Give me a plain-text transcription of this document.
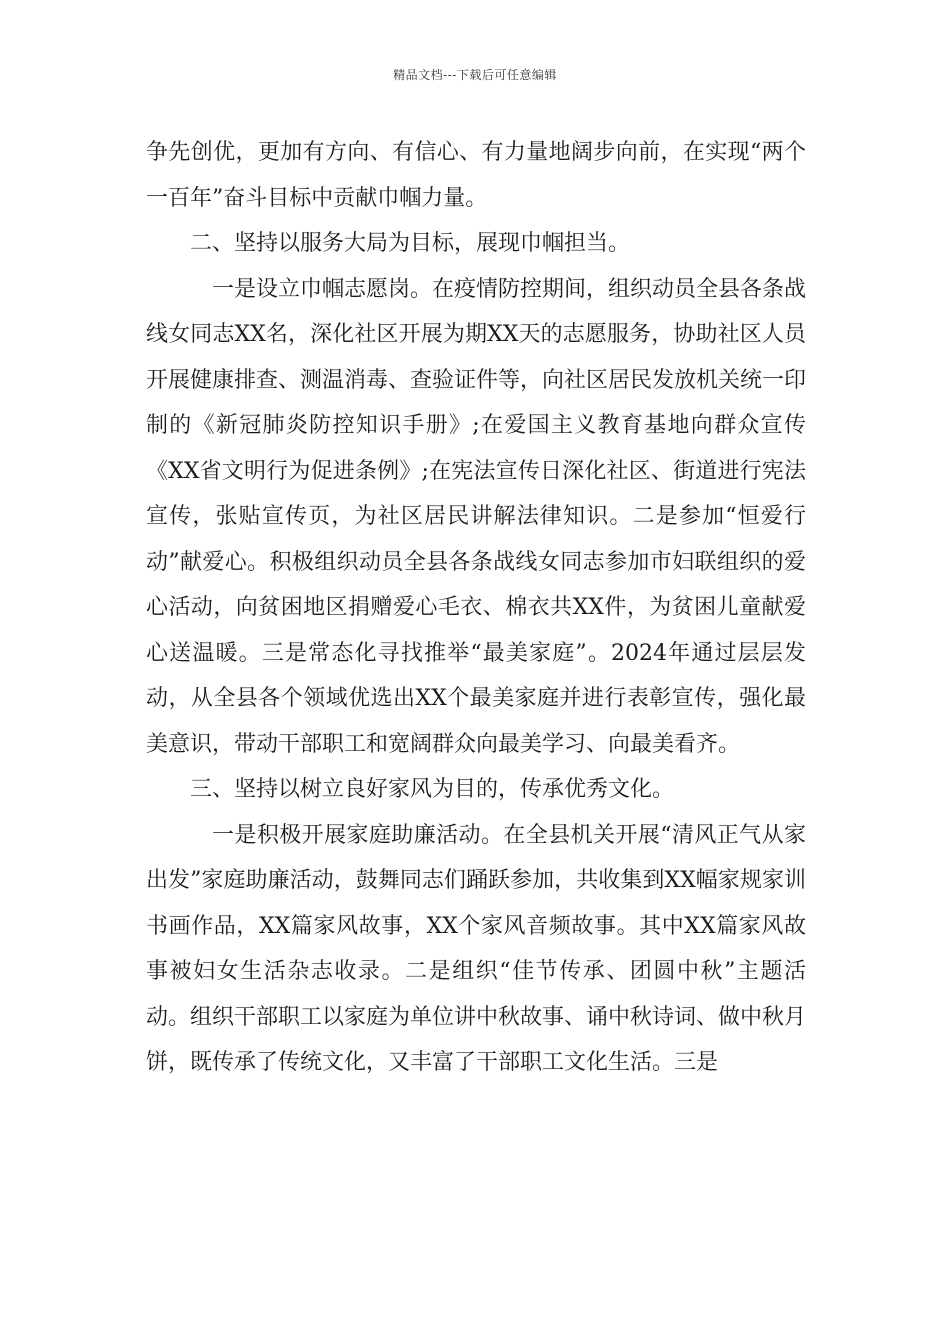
精品文档---下载后可任意编辑

争先创优，更加有方向、有信心、有力量地阔步向前，在实现“两个一百年”奋斗目标中贡献巾帼力量。

二、坚持以服务大局为目标，展现巾帼担当。

一是设立巾帼志愿岗。在疫情防控期间，组织动员全县各条战线女同志XX名，深化社区开展为期XX天的志愿服务，协助社区人员开展健康排查、测温消毒、查验证件等，向社区居民发放机关统一印制的《新冠肺炎防控知识手册》;在爱国主义教育基地向群众宣传《XX省文明行为促进条例》;在宪法宣传日深化社区、街道进行宪法宣传，张贴宣传页，为社区居民讲解法律知识。二是参加“恒爱行动”献爱心。积极组织动员全县各条战线女同志参加市妇联组织的爱心活动，向贫困地区捐赠爱心毛衣、棉衣共XX件，为贫困儿童献爱心送温暖。三是常态化寻找推举“最美家庭”。2024年通过层层发动，从全县各个领域优选出XX个最美家庭并进行表彰宣传，强化最美意识，带动干部职工和宽阔群众向最美学习、向最美看齐。

三、坚持以树立良好家风为目的，传承优秀文化。

一是积极开展家庭助廉活动。在全县机关开展“清风正气从家出发”家庭助廉活动，鼓舞同志们踊跃参加，共收集到XX幅家规家训书画作品，XX篇家风故事，XX个家风音频故事。其中XX篇家风故事被妇女生活杂志收录。二是组织“佳节传承、团圆中秋”主题活动。组织干部职工以家庭为单位讲中秋故事、诵中秋诗词、做中秋月饼，既传承了传统文化，又丰富了干部职工文化生活。三是
